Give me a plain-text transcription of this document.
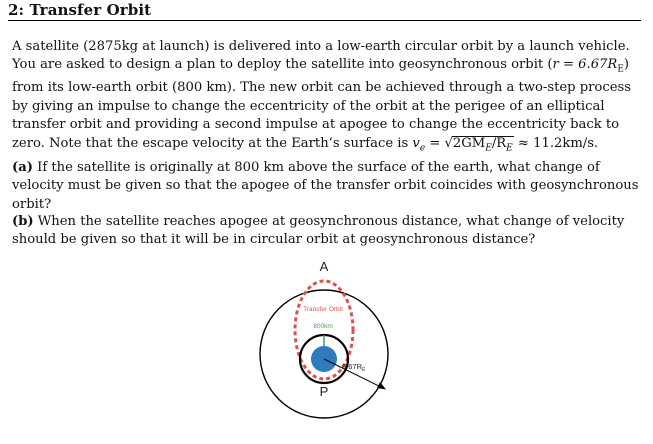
2: Transfer Orbit

A satellite (2875kg at launch) is delivered into a low-earth circular orbit by a launch vehicle. You are asked to design a plan to deploy the satellite into geosynchronous orbit $(r = 6.67R_E)$ from its low-earth orbit (800 km). The new orbit can be achieved through a two-step process by giving an impulse to change the eccentricity of the orbit at the perigee of an elliptical transfer orbit and providing a second impulse at apogee to change the eccentricity back to zero. Note that the escape velocity at the Earth’s surface is $v_e = √2GM_E/R_E \approx 11.2km/s$.

(a) If the satellite is originally at 800 km above the surface of the earth, what change of velocity must be given so that the apogee of the transfer orbit coincides with geosynchronous orbit?

(b) When the satellite reaches apogee at geosynchronous distance, what change of velocity should be given so that it will be in circular orbit at geosynchronous distance?

A
Transfer Orbit
800km
$6.67R_E$
P
